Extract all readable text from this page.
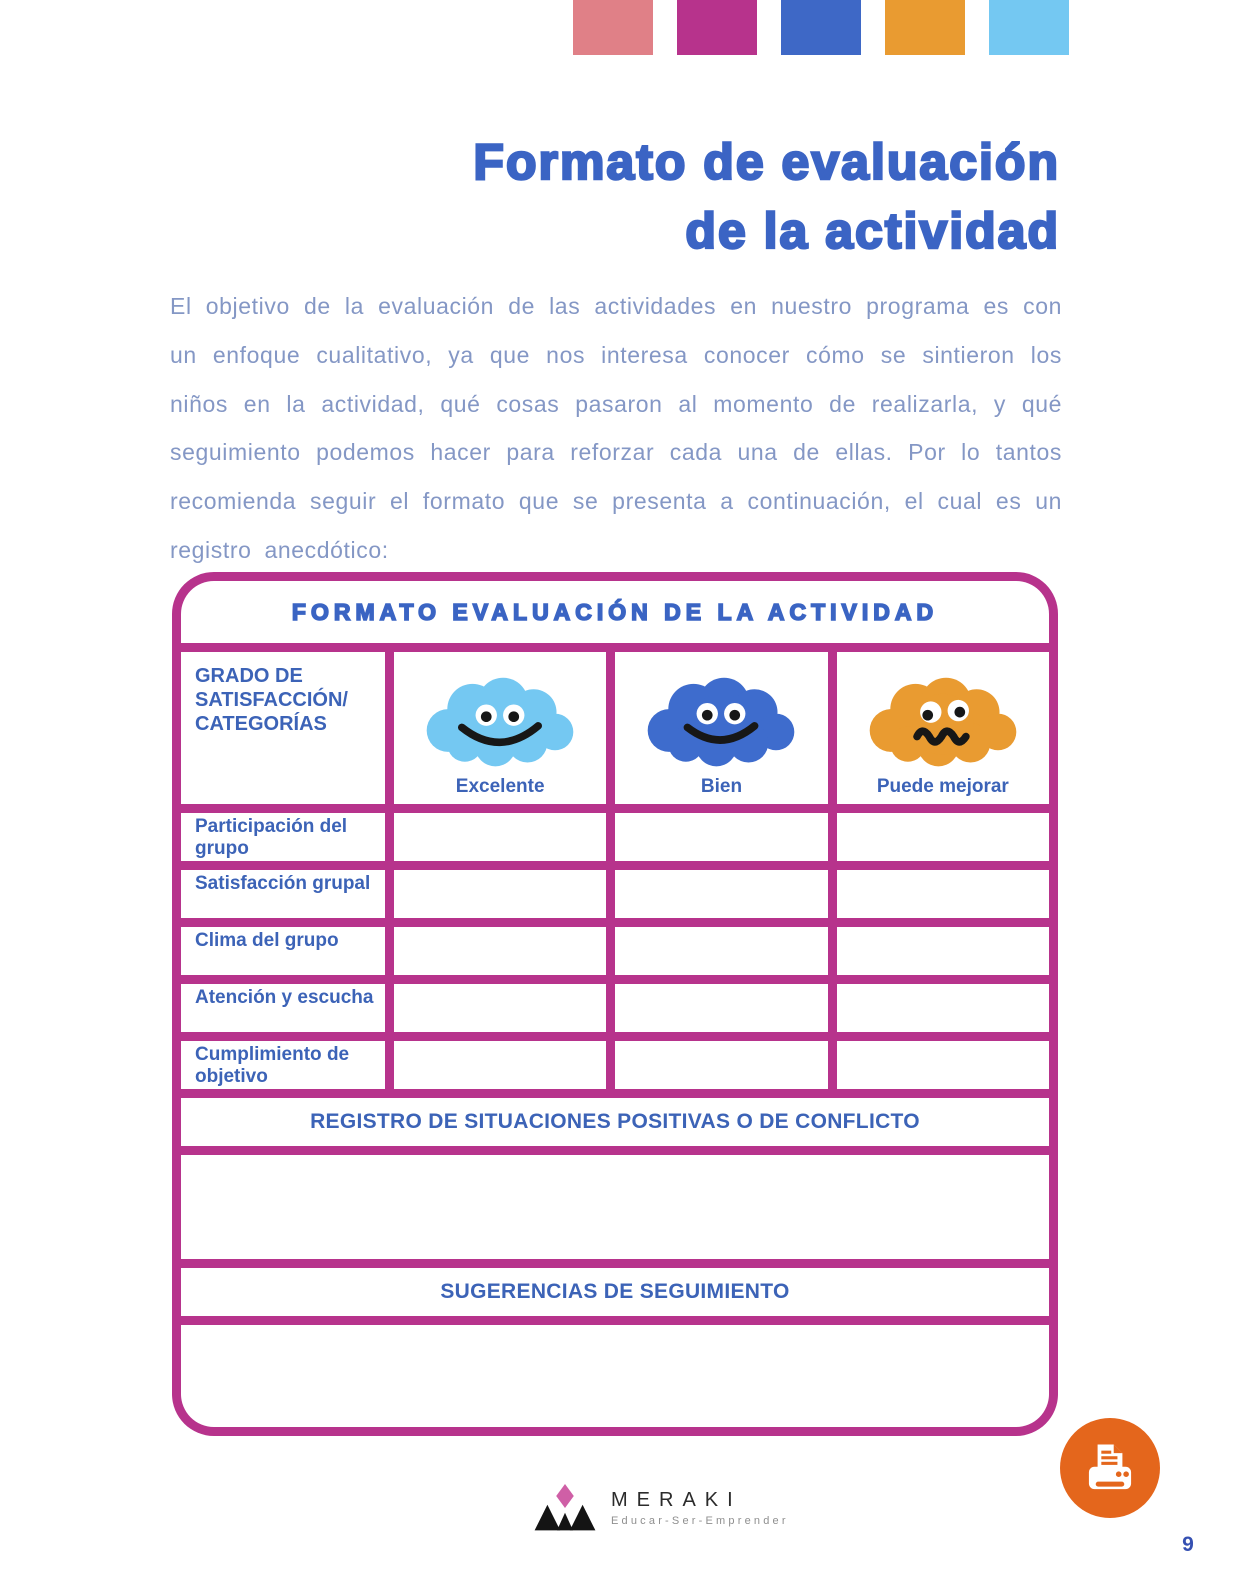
Formato de evaluación
de la actividad

El objetivo de la evaluación de las actividades en nuestro programa es con un enfoque cualitativo, ya que nos interesa conocer cómo se sintieron los niños en la actividad, qué cosas pasaron al momento de realizarla, y qué seguimiento podemos hacer para reforzar cada una de ellas. Por lo tantos recomienda seguir el formato que se presenta a continuación, el cual es un registro anecdótico:

FORMATO EVALUACIÓN DE LA ACTIVIDAD
GRADO DE SATISFACCIÓN/ CATEGORÍAS
Excelente	Bien	Puede mejorar
Participación del grupo
Satisfacción grupal
Clima del grupo
Atención y escucha
Cumplimiento de objetivo
REGISTRO DE SITUACIONES POSITIVAS O DE CONFLICTO
SUGERENCIAS DE SEGUIMIENTO
MERAKI
Educar-Ser-Emprender
9
